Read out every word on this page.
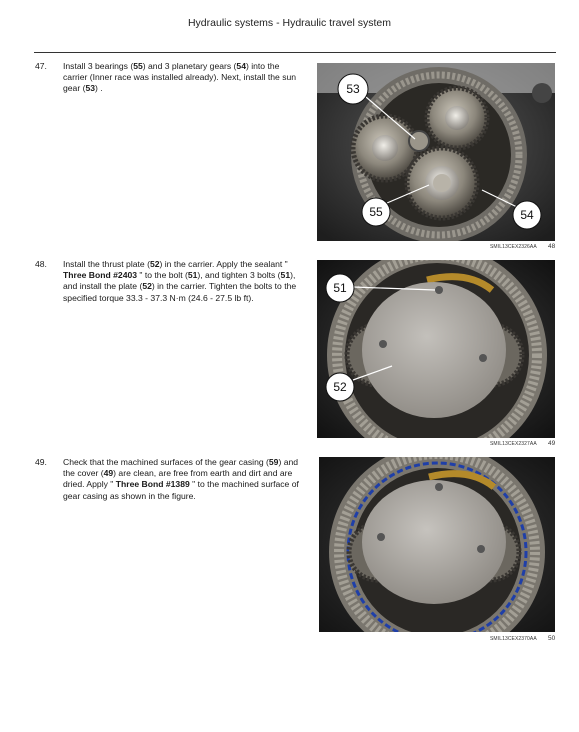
Hydraulic systems - Hydraulic travel system
47. Install 3 bearings (55) and 3 planetary gears (54) into the carrier (Inner race was installed already). Next, install the sun gear (53) .	53
55	54
SMIL13CEX2326AA 48
48. Install the thrust plate (52) in the carrier. Apply the sealant " Three Bond #2403 " to the bolt (51), and tighten 3 bolts (51), and install the plate (52) in the carrier. Tighten the bolts to the specified torque 33.3 - 37.3 N·m (24.6 - 27.5 lb ft).
51
52
SMIL13CEX2327AA 49
49. Check that the machined surfaces of the gear casing (59) and the cover (49) are clean, are free from earth and dirt and are dried. Apply " Three Bond #1389 " to the machined surface of gear casing as shown in the figure.
SMIL13CEX2370AA 50
